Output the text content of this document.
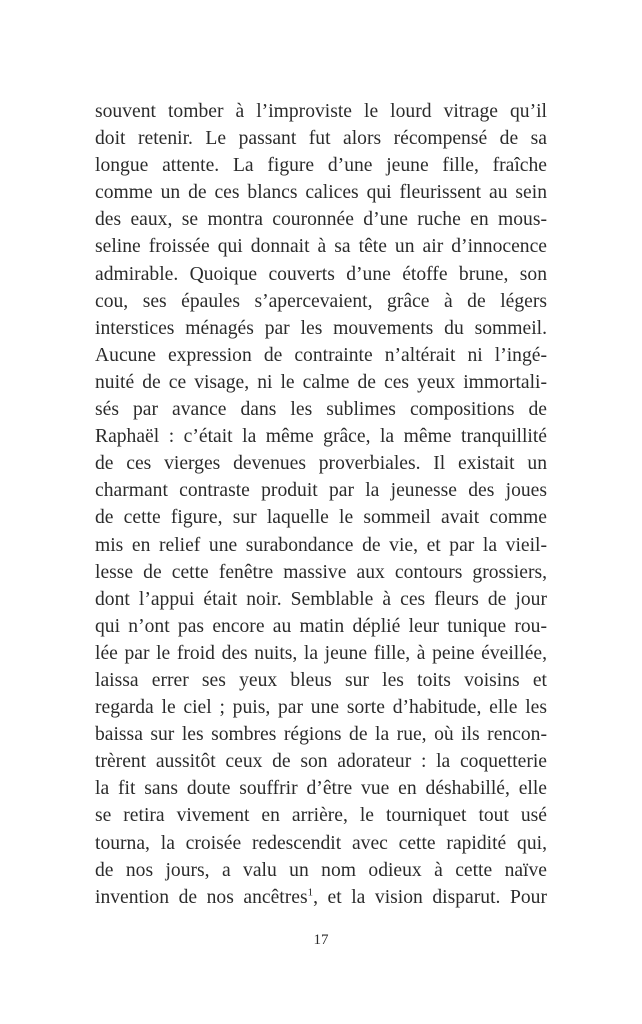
souvent tomber à l’improviste le lourd vitrage qu’il
doit retenir. Le passant fut alors récompensé de sa
longue attente. La figure d’une jeune fille, fraîche
comme un de ces blancs calices qui fleurissent au sein
des eaux, se montra couronnée d’une ruche en mous-
seline froissée qui donnait à sa tête un air d’innocence
admirable. Quoique couverts d’une étoffe brune, son
cou, ses épaules s’apercevaient, grâce à de légers
interstices ménagés par les mouvements du sommeil.
Aucune expression de contrainte n’altérait ni l’ingé-
nuité de ce visage, ni le calme de ces yeux immortali-
sés par avance dans les sublimes compositions de
Raphaël : c’était la même grâce, la même tranquillité
de ces vierges devenues proverbiales. Il existait un
charmant contraste produit par la jeunesse des joues
de cette figure, sur laquelle le sommeil avait comme
mis en relief une surabondance de vie, et par la vieil-
lesse de cette fenêtre massive aux contours grossiers,
dont l’appui était noir. Semblable à ces fleurs de jour
qui n’ont pas encore au matin déplié leur tunique rou-
lée par le froid des nuits, la jeune fille, à peine éveillée,
laissa errer ses yeux bleus sur les toits voisins et
regarda le ciel ; puis, par une sorte d’habitude, elle les
baissa sur les sombres régions de la rue, où ils rencon-
trèrent aussitôt ceux de son adorateur : la coquetterie
la fit sans doute souffrir d’être vue en déshabillé, elle
se retira vivement en arrière, le tourniquet tout usé
tourna, la croisée redescendit avec cette rapidité qui,
de nos jours, a valu un nom odieux à cette naïve
invention de nos ancêtres$^1$, et la vision disparut. Pour
17
